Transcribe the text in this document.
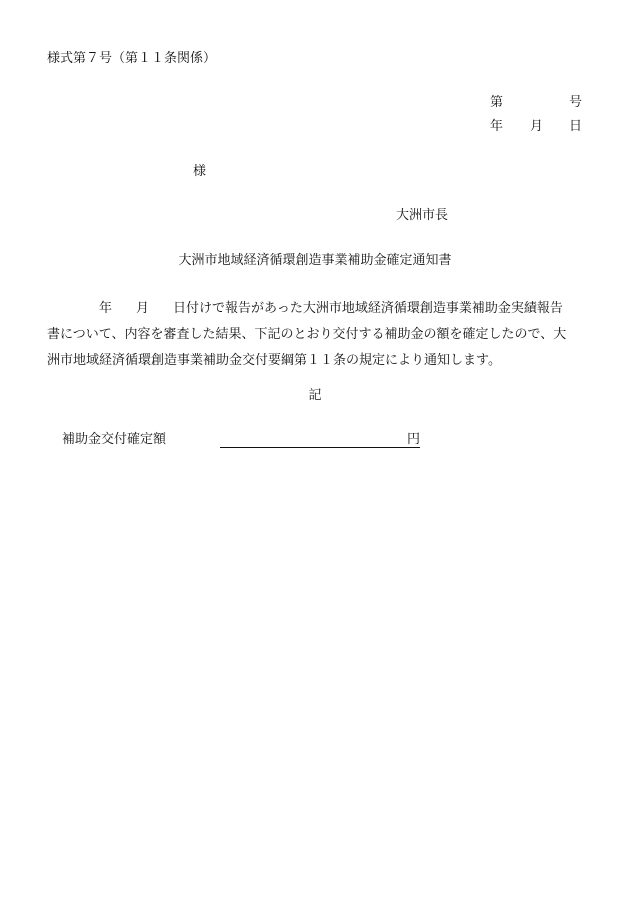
様式第７号（第１１条関係）
第	号
年 月 日
様
大洲市長
大洲市地域経済循環創造事業補助金確定通知書
年 月 日付けで報告があった大洲市地域経済循環創造事業補助金実績報告
書について、内容を審査した結果、下記のとおり交付する補助金の額を確定したので、大
洲市地域経済循環創造事業補助金交付要綱第１１条の規定により通知します。
記
補助金交付確定額	円
